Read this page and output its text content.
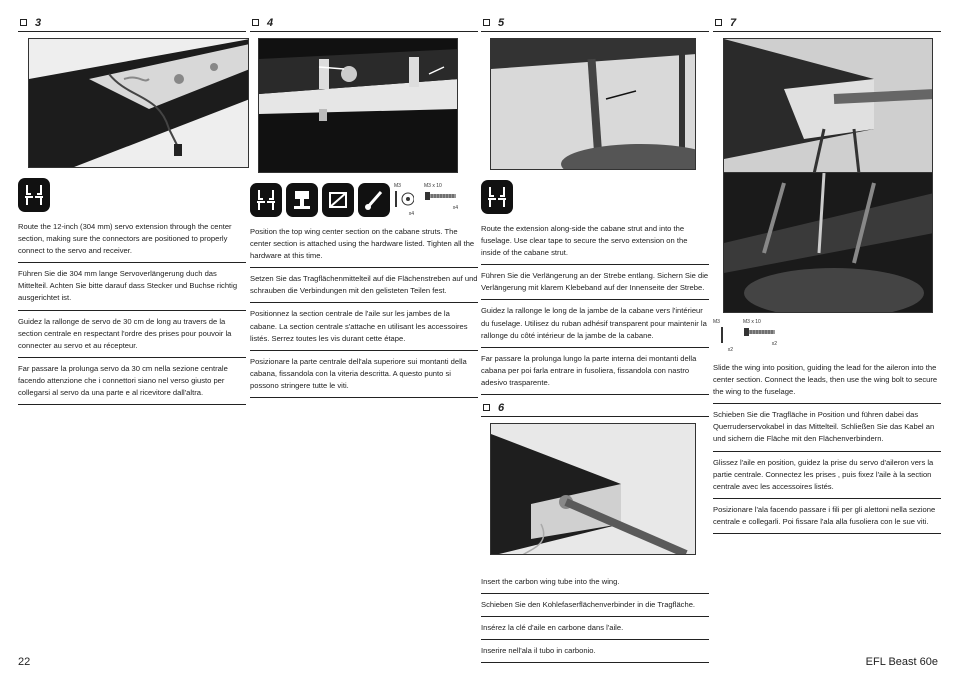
3

Route the 12-inch (304 mm) servo extension through the center section, making sure the connectors are positioned to properly connect to the servo and receiver.

Führen Sie die 304 mm lange Servoverlängerung duch das Mittelteil. Achten Sie bitte darauf dass Stecker und Buchse richtig ausgerichtet ist.

Guidez la rallonge de servo de 30 cm de long au travers de la section centrale en respectant l'ordre des prises pour pouvoir la connecter au servo et au récepteur.

Far passare la prolunga servo da 30 cm nella sezione centrale facendo attenzione che i connettori siano nel verso giusto per collegarsi al servo da una parte e al ricevitore dall'altra.

4
M3
x4
M3 x 10
x4

Position the top wing center section on the cabane struts. The center section is attached using the hardware listed. Tighten all the hardware at this time.

Setzen Sie das Tragflächenmittelteil auf die Flächenstreben auf und schrauben die Verbindungen mit den gelisteten Teilen fest.

Positionnez la section centrale de l'aile sur les jambes de la cabane. La section centrale s'attache en utilisant les accessoires listés. Serrez toutes les vis durant cette étape.

Posizionare la parte centrale dell'ala superiore sui montanti della cabana, fissandola con la viteria descritta. A questo punto si possono stringere tutte le viti.

5

Route the extension along-side the cabane strut and into the fuselage. Use clear tape to secure the servo extension on the inside of the cabane strut.

Führen Sie die Verlängerung an der Strebe entlang. Sichern Sie die Verlängerung mit klarem Klebeband auf der Innenseite der Strebe.

Guidez la rallonge le long de la jambe de la cabane vers l'intérieur du fuselage. Utilisez du ruban adhésif transparent pour maintenir la rallonge du côté intérieur de la jambe de la cabane.

Far passare la prolunga lungo la parte interna dei montanti della cabana per poi farla entrare in fusoliera, fissandola con nastro adesivo trasparente.

6

Insert the carbon wing tube into the wing.

Schieben Sie den Kohlefaserflächenverbinder in die Tragfläche.

Insérez la clé d'aile en carbone dans l'aile.

Inserire nell'ala il tubo in carbonio.

7
M3
x2
M3 x 10
x2

Slide the wing into position, guiding the lead for the aileron into the center section. Connect the leads, then use the wing bolt to secure the wing to the fuselage.

Schieben Sie die Tragfläche in Position und führen dabei das Querruderservokabel in das Mittelteil. Schließen Sie das Kabel an und sichern die Fläche mit den Flächenverbindern.

Glissez l'aile en position, guidez la prise du servo d'aileron vers la partie centrale. Connectez les prises , puis fixez l'aile à la section centrale avec les accessoires listés.

Posizionare l'ala facendo passare i fili per gli alettoni nella sezione centrale e collegarli. Poi fissare l'ala alla fusoliera con le sue viti.

22	EFL Beast 60e
